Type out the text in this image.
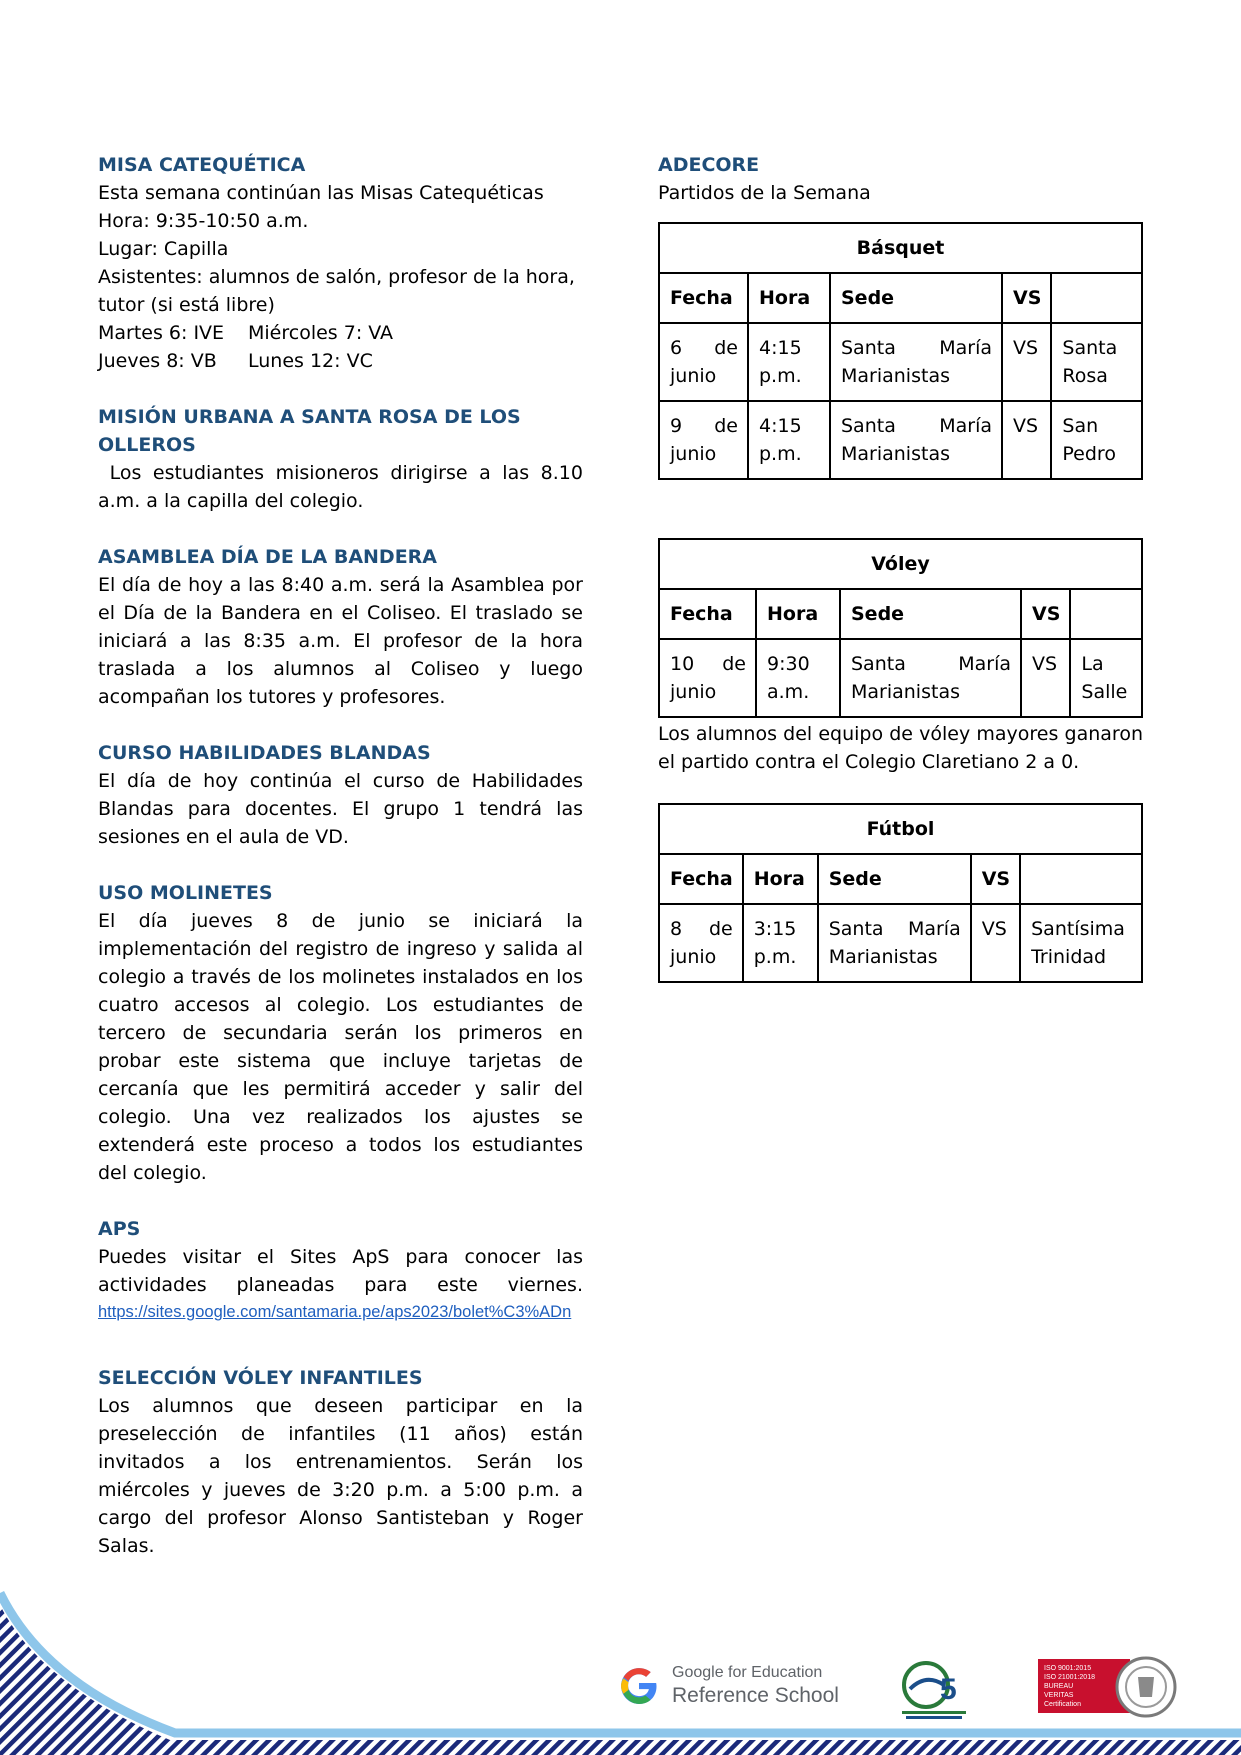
MISA CATEQUÉTICA
Esta semana continúan las Misas Catequéticas
Hora: 9:35-10:50 a.m.
Lugar: Capilla
Asistentes: alumnos de salón, profesor de la hora, tutor (si está libre)
Martes 6: IVE	Miércoles 7: VA
Jueves 8: VB	Lunes 12: VC
MISIÓN URBANA A SANTA ROSA DE LOS OLLEROS
Los estudiantes misioneros dirigirse a las 8.10 a.m. a la capilla del colegio.
ASAMBLEA DÍA DE LA BANDERA
El día de hoy a las 8:40 a.m. será la Asamblea por el Día de la Bandera en el Coliseo. El traslado se iniciará a las 8:35 a.m. El profesor de la hora traslada a los alumnos al Coliseo y luego acompañan los tutores y profesores.
CURSO HABILIDADES BLANDAS
El día de hoy continúa el curso de Habilidades Blandas para docentes. El grupo 1 tendrá las sesiones en el aula de VD.
USO MOLINETES
El día jueves 8 de junio se iniciará la implementación del registro de ingreso y salida al colegio a través de los molinetes instalados en los cuatro accesos al colegio. Los estudiantes de tercero de secundaria serán los primeros en probar este sistema que incluye tarjetas de cercanía que les permitirá acceder y salir del colegio. Una vez realizados los ajustes se extenderá este proceso a todos los estudiantes del colegio.
APS
Puedes visitar el Sites ApS para conocer las actividades planeadas para este viernes.
https://sites.google.com/santamaria.pe/aps2023/bolet%C3%ADn
SELECCIÓN VÓLEY INFANTILES
Los alumnos que deseen participar en la preselección de infantiles (11 años) están invitados a los entrenamientos. Serán los miércoles y jueves de 3:20 p.m. a 5:00 p.m. a cargo del profesor Alonso Santisteban y Roger Salas.
ADECORE
Partidos de la Semana
Básquet				
Fecha	Hora	Sede	VS	
6 de junio	4:15 p.m.	Santa María Marianistas	VS	Santa Rosa
9 de junio	4:15 p.m.	Santa María Marianistas	VS	San Pedro
Vóley				
Fecha	Hora	Sede	VS	
10 de junio	9:30 a.m.	Santa María Marianistas	VS	La Salle
Los alumnos del equipo de vóley mayores ganaron el partido contra el Colegio Claretiano 2 a 0.
Fútbol				
Fecha	Hora	Sede	VS	
8 de junio	3:15 p.m.	Santa María Marianistas	VS	Santísima Trinidad
Google for Education
Reference School	5
ISO 9001:2015 ISO 21001:2018 BUREAU VERITAS Certification
